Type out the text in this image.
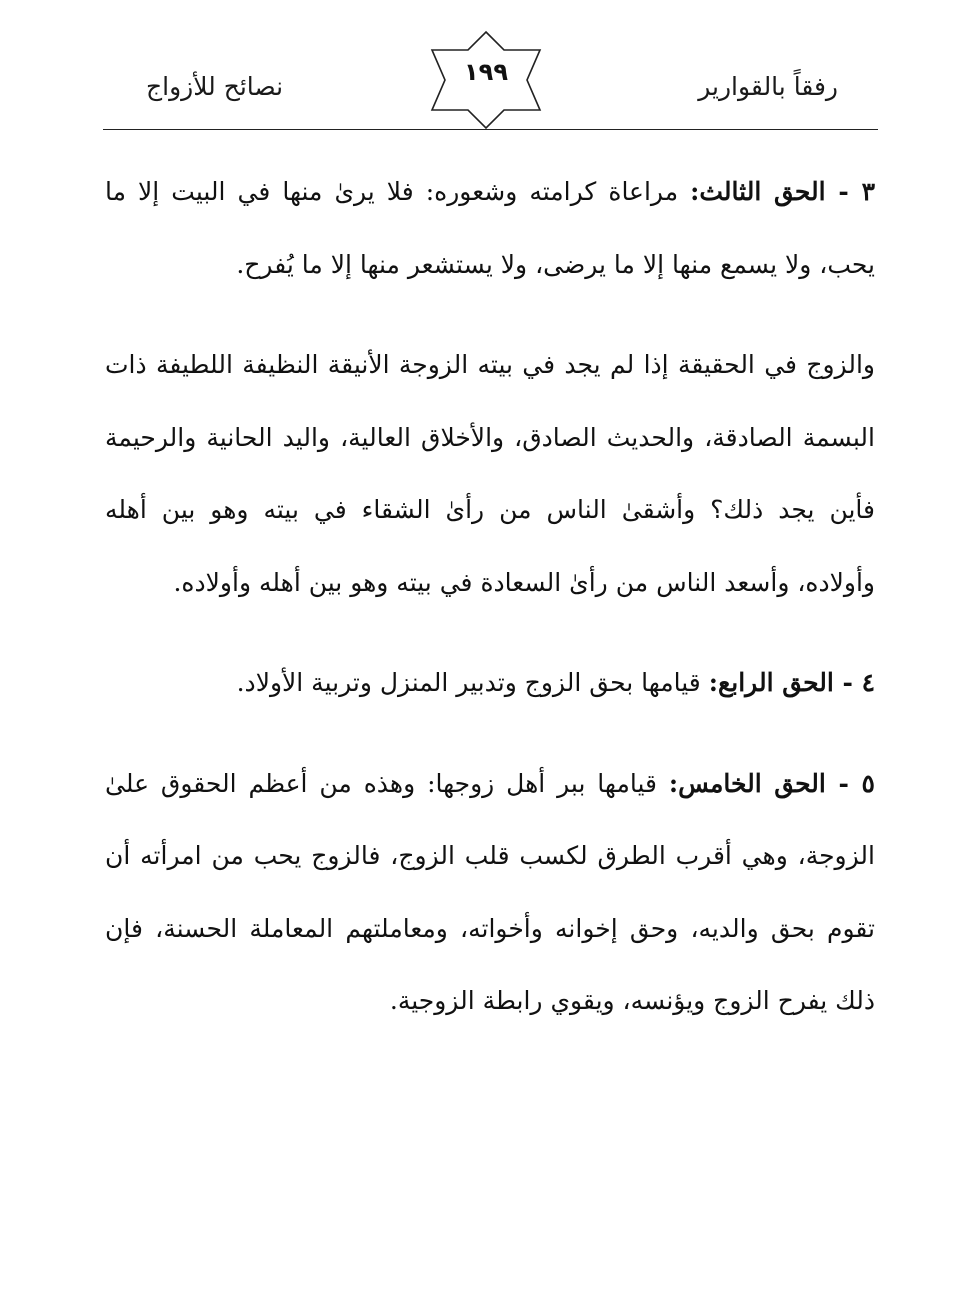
رفقاً بالقوارير
١٩٩
نصائح للأزواج

٣ - الحق الثالث: مراعاة كرامته وشعوره: فلا يرىٰ منها في البيت إلا ما يحب، ولا يسمع منها إلا ما يرضى، ولا يستشعر منها إلا ما يُفرح.

والزوج في الحقيقة إذا لم يجد في بيته الزوجة الأنيقة النظيفة اللطيفة ذات البسمة الصادقة، والحديث الصادق، والأخلاق العالية، واليد الحانية والرحيمة فأين يجد ذلك؟ وأشقىٰ الناس من رأىٰ الشقاء في بيته وهو بين أهله وأولاده، وأسعد الناس من رأىٰ السعادة في بيته وهو بين أهله وأولاده.

٤ - الحق الرابع: قيامها بحق الزوج وتدبير المنزل وتربية الأولاد.

٥ - الحق الخامس: قيامها ببر أهل زوجها: وهذه من أعظم الحقوق علىٰ الزوجة، وهي أقرب الطرق لكسب قلب الزوج، فالزوج يحب من امرأته أن تقوم بحق والديه، وحق إخوانه وأخواته، ومعاملتهم المعاملة الحسنة، فإن ذلك يفرح الزوج ويؤنسه، ويقوي رابطة الزوجية.
